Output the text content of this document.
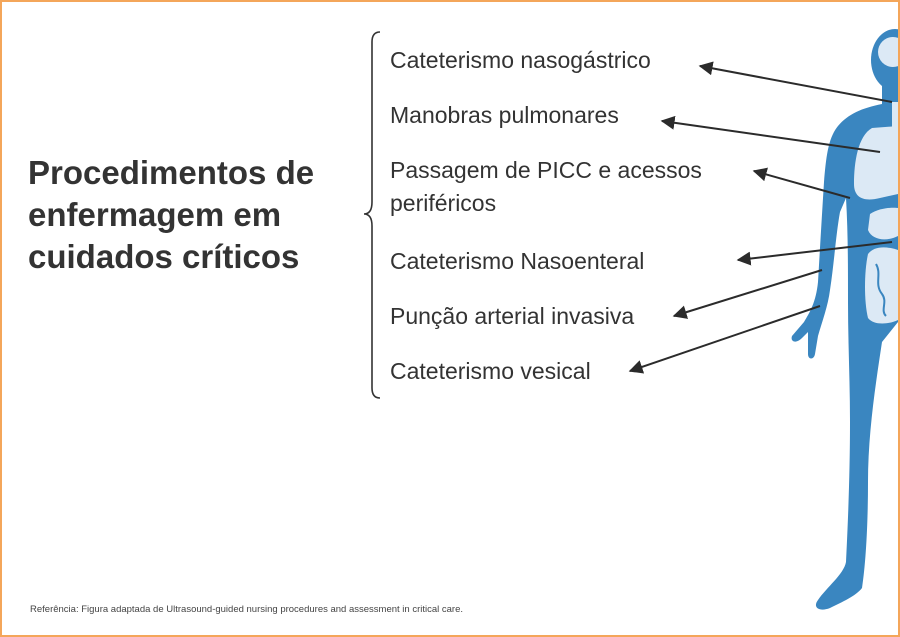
Procedimentos de
enfermagem em
cuidados críticos
Cateterismo nasogástrico
Manobras pulmonares
Passagem de PICC e acessos
periféricos
Cateterismo Nasoenteral
Punção arterial invasiva
Cateterismo vesical
Referência: Figura adaptada de Ultrasound-guided nursing procedures and assessment in critical care.
